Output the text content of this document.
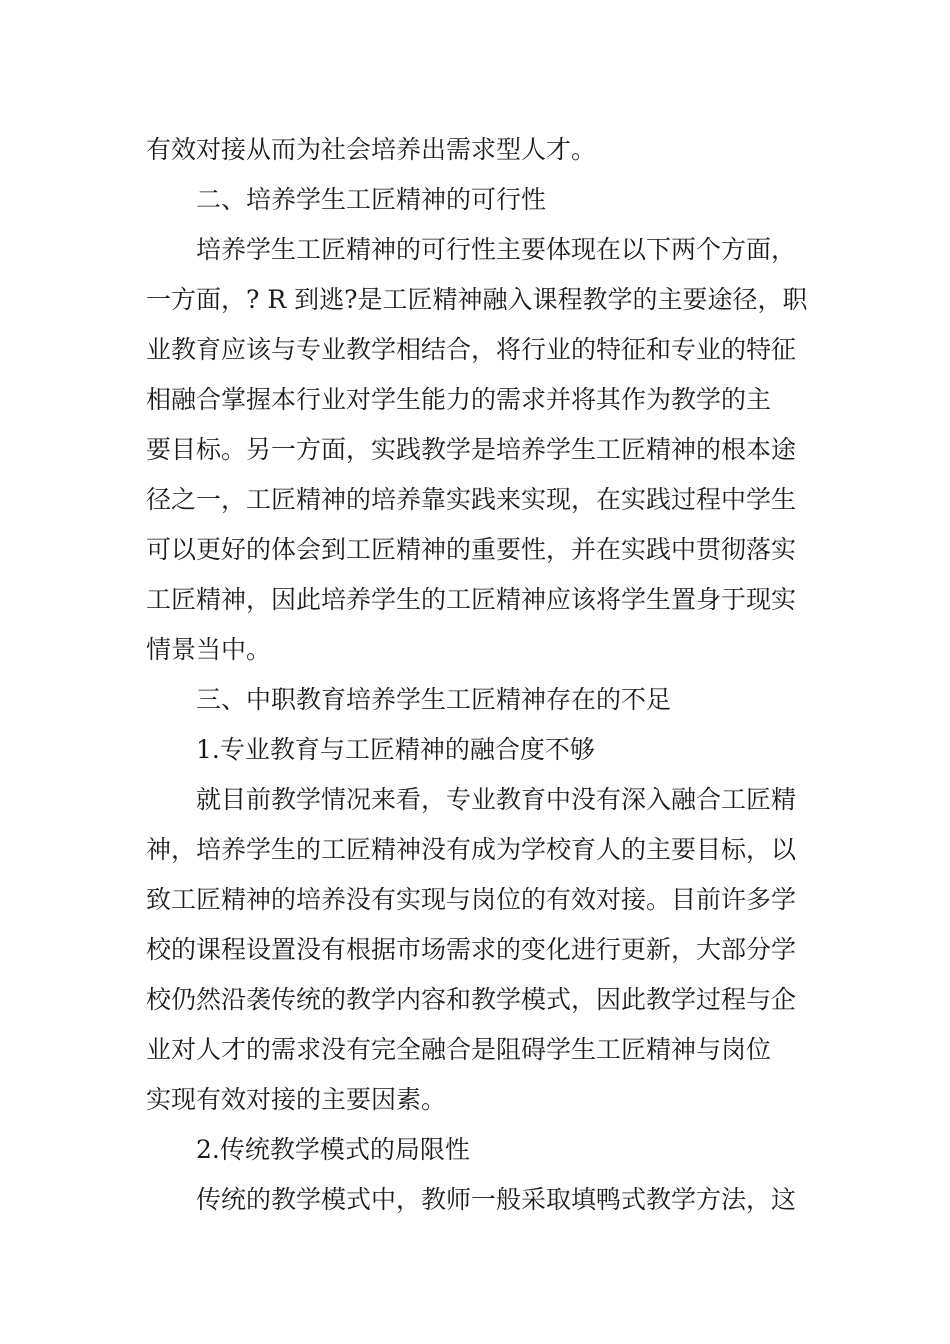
有效对接从而为社会培养出需求型人才。
二、培养学生工匠精神的可行性
培养学生工匠精神的可行性主要体现在以下两个方面，
一方面，? R 到逃?是工匠精神融入课程教学的主要途径，职
业教育应该与专业教学相结合，将行业的特征和专业的特征
相融合掌握本行业对学生能力的需求并将其作为教学的主
要目标。另一方面，实践教学是培养学生工匠精神的根本途
径之一，工匠精神的培养靠实践来实现，在实践过程中学生
可以更好的体会到工匠精神的重要性，并在实践中贯彻落实
工匠精神，因此培养学生的工匠精神应该将学生置身于现实
情景当中。
三、中职教育培养学生工匠精神存在的不足
1.专业教育与工匠精神的融合度不够
就目前教学情况来看，专业教育中没有深入融合工匠精
神，培养学生的工匠精神没有成为学校育人的主要目标，以
致工匠精神的培养没有实现与岗位的有效对接。目前许多学
校的课程设置没有根据市场需求的变化进行更新，大部分学
校仍然沿袭传统的教学内容和教学模式，因此教学过程与企
业对人才的需求没有完全融合是阻碍学生工匠精神与岗位
实现有效对接的主要因素。
2.传统教学模式的局限性
传统的教学模式中，教师一般采取填鸭式教学方法，这
